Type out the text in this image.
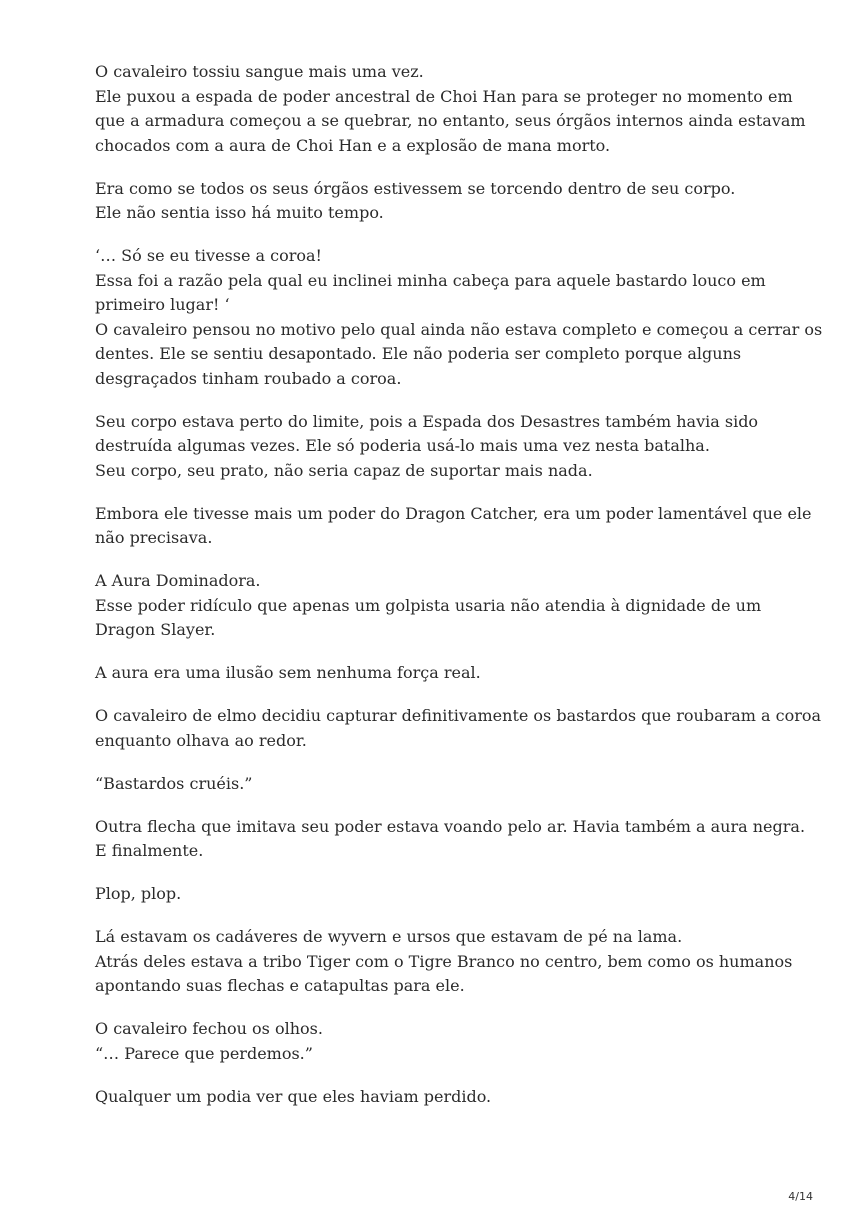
O cavaleiro tossiu sangue mais uma vez.
Ele puxou a espada de poder ancestral de Choi Han para se proteger no momento em
que a armadura começou a se quebrar, no entanto, seus órgãos internos ainda estavam
chocados com a aura de Choi Han e a explosão de mana morto.

Era como se todos os seus órgãos estivessem se torcendo dentro de seu corpo.
Ele não sentia isso há muito tempo.

‘… Só se eu tivesse a coroa!
Essa foi a razão pela qual eu inclinei minha cabeça para aquele bastardo louco em
primeiro lugar! ‘
O cavaleiro pensou no motivo pelo qual ainda não estava completo e começou a cerrar os
dentes. Ele se sentiu desapontado. Ele não poderia ser completo porque alguns
desgraçados tinham roubado a coroa.

Seu corpo estava perto do limite, pois a Espada dos Desastres também havia sido
destruída algumas vezes. Ele só poderia usá-lo mais uma vez nesta batalha.
Seu corpo, seu prato, não seria capaz de suportar mais nada.

Embora ele tivesse mais um poder do Dragon Catcher, era um poder lamentável que ele
não precisava.

A Aura Dominadora.
Esse poder ridículo que apenas um golpista usaria não atendia à dignidade de um
Dragon Slayer.

A aura era uma ilusão sem nenhuma força real.

O cavaleiro de elmo decidiu capturar definitivamente os bastardos que roubaram a coroa
enquanto olhava ao redor.

“Bastardos cruéis.”

Outra flecha que imitava seu poder estava voando pelo ar. Havia também a aura negra.
E finalmente.

Plop, plop.

Lá estavam os cadáveres de wyvern e ursos que estavam de pé na lama.
Atrás deles estava a tribo Tiger com o Tigre Branco no centro, bem como os humanos
apontando suas flechas e catapultas para ele.

O cavaleiro fechou os olhos.
“… Parece que perdemos.”

Qualquer um podia ver que eles haviam perdido.

4/14
